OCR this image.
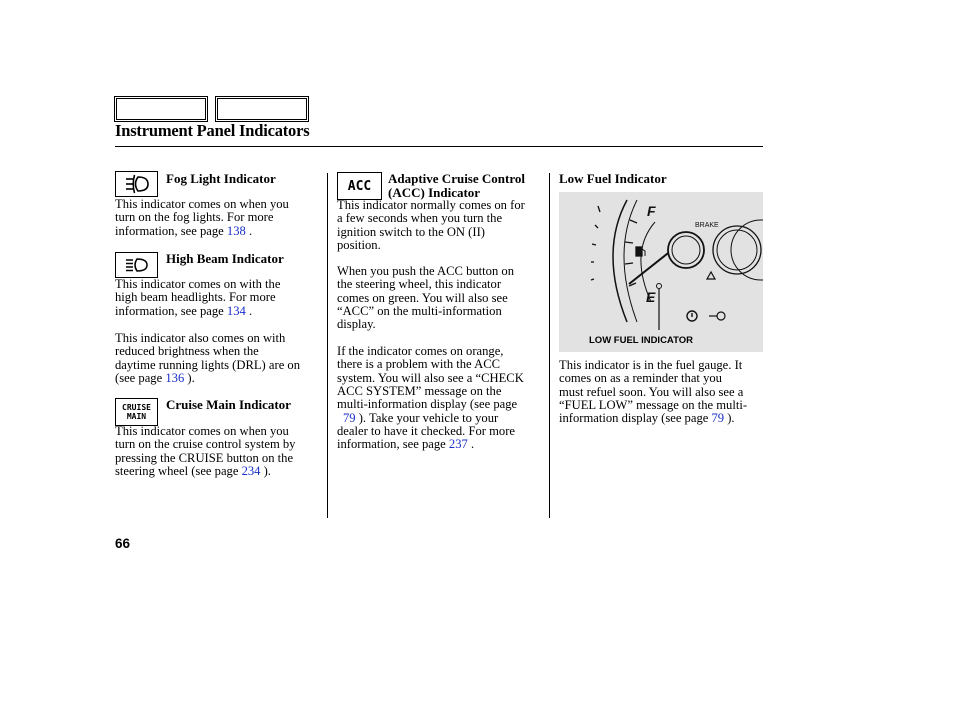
Instrument Panel Indicators
Fog Light Indicator
This indicator comes on when you
turn on the fog lights. For more
information, see page 138 .
High Beam Indicator
This indicator comes on with the
high beam headlights. For more
information, see page 134 .
This indicator also comes on with
reduced brightness when the
daytime running lights (DRL) are on
(see page 136 ).
CRUISE
MAIN
Cruise Main Indicator
This indicator comes on when you
turn on the cruise control system by
pressing the CRUISE button on the
steering wheel (see page 234 ).
ACC Adaptive Cruise Control
(ACC) Indicator
This indicator normally comes on for
a few seconds when you turn the
ignition switch to the ON (II)
position.
When you push the ACC button on
the steering wheel, this indicator
comes on green. You will also see
“ACC” on the multi-information
display.
If the indicator comes on orange,
there is a problem with the ACC
system. You will also see a “CHECK
ACC SYSTEM” message on the
multi-information display (see page
79 ). Take your vehicle to your
dealer to have it checked. For more
information, see page 237 .
Low Fuel Indicator
F
E
BRAKE
LOW FUEL INDICATOR
This indicator is in the fuel gauge. It
comes on as a reminder that you
must refuel soon. You will also see a
“FUEL LOW” message on the multi-
information display (see page 79 ).
66
